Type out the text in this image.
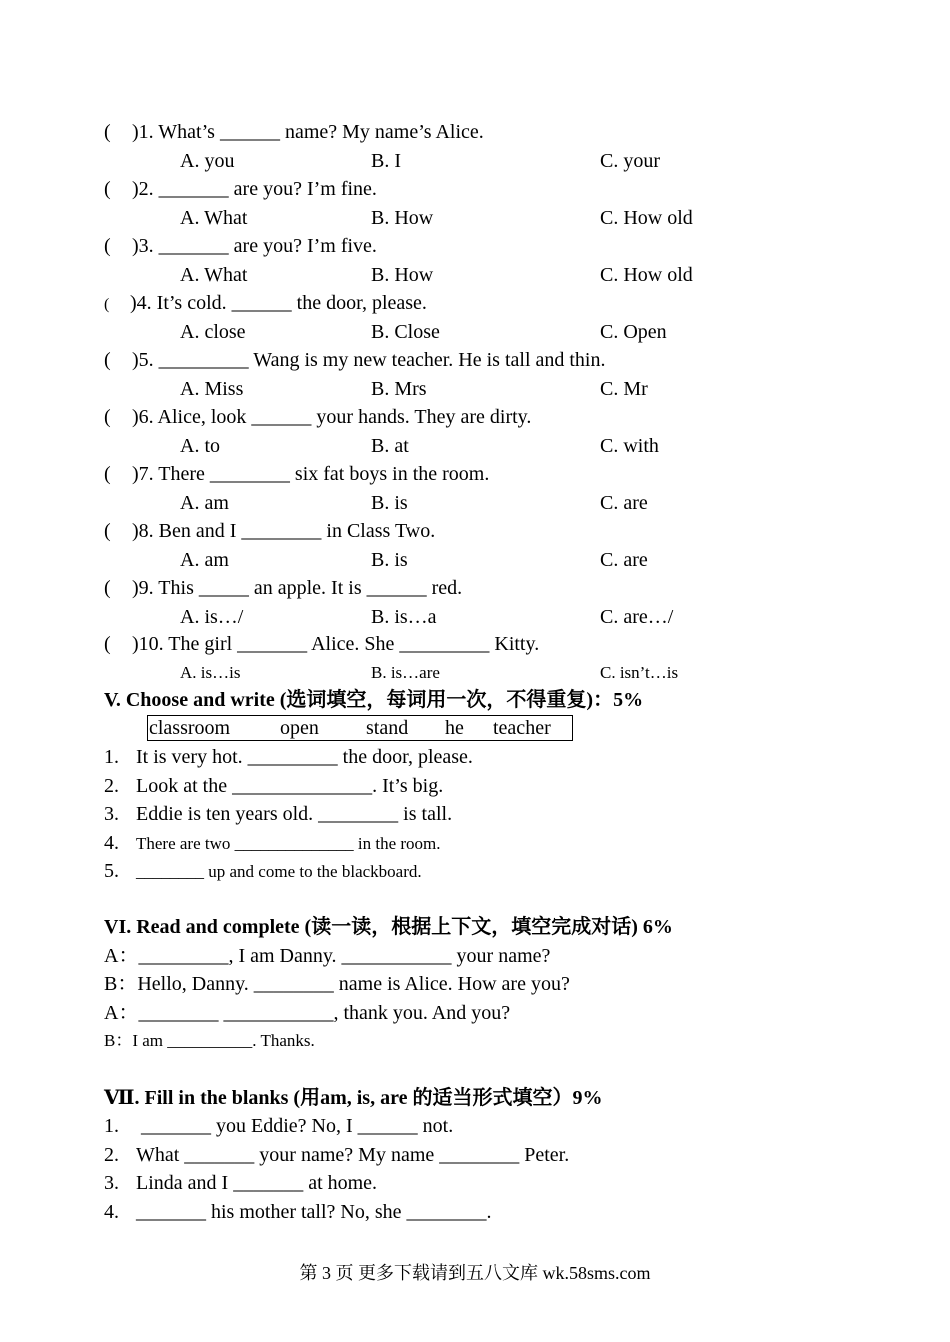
( )1. What’s ______ name? My name’s Alice.
A. you	B. I	C. your
( )2. _______ are you? I’m fine.
A. What	B. How	C. How old
( )3. _______ are you? I’m five.
A. What	B. How	C. How old
( )4. It’s cold. ______ the door, please.
A. close	B. Close	C. Open
( )5. _________ Wang is my new teacher. He is tall and thin.
A. Miss	B. Mrs	C. Mr
( )6. Alice, look ______ your hands. They are dirty.
A. to	B. at	C. with
( )7. There ________ six fat boys in the room.
A. am	B. is	C. are
( )8. Ben and I ________ in Class Two.
A. am	B. is	C. are
( )9. This _____ an apple. It is ______ red.
A. is…/	B. is…a	C. are…/
( )10. The girl _______ Alice. She _________ Kitty.
A. is…is	B. is…are	C. isn’t…is
V. Choose and write (选词填空，每词用一次，不得重复)：5%
classroom open stand he teacher
1. It is very hot. _________ the door, please.
2. Look at the ______________. It’s big.
3. Eddie is ten years old. ________ is tall.
4. There are two ______________ in the room.
5. ________ up and come to the blackboard.
VI. Read and complete (读一读，根据上下文，填空完成对话) 6%
A：_________, I am Danny. ___________ your name?
B：Hello, Danny. ________ name is Alice. How are you?
A：________ ___________, thank you. And you?
B：I am __________. Thanks.
Ⅶ. Fill in the blanks (用am, is, are 的适当形式填空）9%
1. _______ you Eddie? No, I ______ not.
2. What _______ your name? My name ________ Peter.
3. Linda and I _______ at home.
4. _______ his mother tall? No, she ________.
第 3 页 更多下载请到五八文库 wk.58sms.com
